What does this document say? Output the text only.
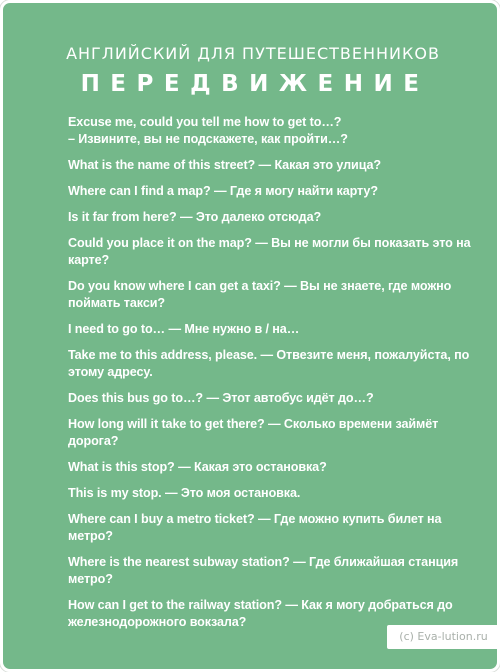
АНГЛИЙСКИЙ ДЛЯ ПУТЕШЕСТВЕННИКОВ
ПЕРЕДВИЖЕНИЕ
Excuse me, could you tell me how to get to…?
– Извините, вы не подскажете, как пройти…?
What is the name of this street? — Какая это улица?
Where can I find a map? — Где я могу найти карту?
Is it far from here? — Это далеко отсюда?
Could you place it on the map? — Вы не могли бы показать это на карте?
Do you know where I can get a taxi? — Вы не знаете, где можно поймать такси?
I need to go to… — Мне нужно в / на…
Take me to this address, please. — Отвезите меня, пожалуйста, по этому адресу.
Does this bus go to…? — Этот автобус идёт до…?
How long will it take to get there? — Сколько времени займёт дорога?
What is this stop? — Какая это остановка?
This is my stop. — Это моя остановка.
Where can I buy a metro ticket? — Где можно купить билет на метро?
Where is the nearest subway station? — Где ближайшая станция метро?
How can I get to the railway station? — Как я могу добраться до железнодорожного вокзала?
(c) Eva-lution.ru
